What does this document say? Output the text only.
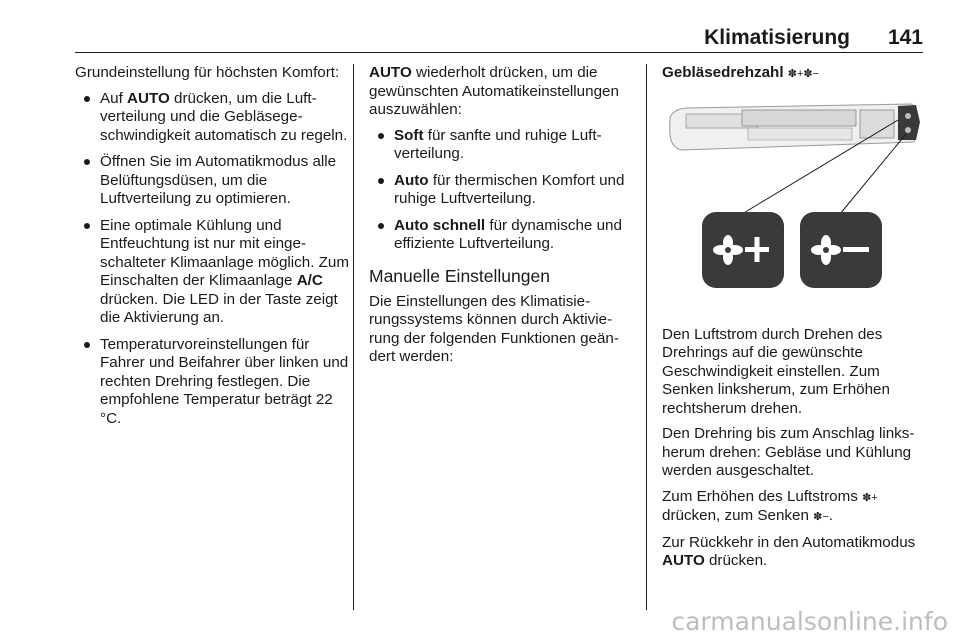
Klimatisierung 141

Grundeinstellung für höchsten Komfort:

Auf AUTO drücken, um die Luftverteilung und die Gebläsegeschwindigkeit automatisch zu regeln.
Öffnen Sie im Automatikmodus alle Belüftungsdüsen, um die Luftverteilung zu optimieren.
Eine optimale Kühlung und Entfeuchtung ist nur mit eingeschalteter Klimaanlage möglich. Zum Einschalten der Klimaanlage A/C drücken. Die LED in der Taste zeigt die Aktivierung an.
Temperaturvoreinstellungen für Fahrer und Beifahrer über linken und rechten Drehring festlegen. Die empfohlene Temperatur beträgt 22 °C.

AUTO wiederholt drücken, um die gewünschten Automatikeinstellungen auszuwählen:

Soft für sanfte und ruhige Luftverteilung.
Auto für thermischen Komfort und ruhige Luftverteilung.
Auto schnell für dynamische und effiziente Luftverteilung.
Manuelle Einstellungen

Die Einstellungen des Klimatisierungssystems können durch Aktivierung der folgenden Funktionen geändert werden:

Gebläsedrehzahl ✽+✽−

Den Luftstrom durch Drehen des Drehrings auf die gewünschte Geschwindigkeit einstellen. Zum Senken linksherum, zum Erhöhen rechtsherum drehen.

Den Drehring bis zum Anschlag linksherum drehen: Gebläse und Kühlung werden ausgeschaltet.

Zum Erhöhen des Luftstroms ✽+ drücken, zum Senken ✽−.

Zur Rückkehr in den Automatikmodus AUTO drücken.

carmanualsonline.info
